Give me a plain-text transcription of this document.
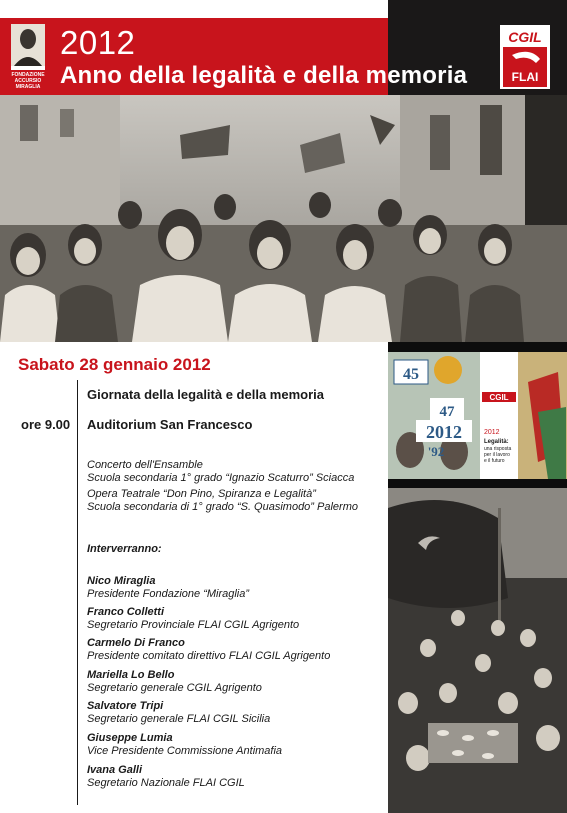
FONDAZIONE
ACCURSIO
MIRAGLIA
2012
Anno della legalità e della memoria
CGIL
FLAI
45
47
2012
'92
CGIL
2012
Legalità:
una risposta
per il lavoro
e il futuro
Sabato 28 gennaio 2012
Giornata della legalità e della memoria
ore 9.00 Auditorium San Francesco
Concerto dell'Ensamble
Scuola secondaria 1° grado “Ignazio Scaturro” Sciacca
Opera Teatrale “Don Pino, Spiranza e Legalità”
Scuola secondaria di 1° grado “S. Quasimodo” Palermo
Interverranno:
Nico Miraglia
Presidente Fondazione “Miraglia”
Franco Colletti
Segretario Provinciale FLAI CGIL Agrigento
Carmelo Di Franco
Presidente comitato direttivo FLAI CGIL Agrigento
Mariella Lo Bello
Segretario generale CGIL Agrigento
Salvatore Tripi
Segretario generale FLAI CGIL Sicilia
Giuseppe Lumia
Vice Presidente Commissione Antimafia
Ivana Galli
Segretario Nazionale FLAI CGIL
